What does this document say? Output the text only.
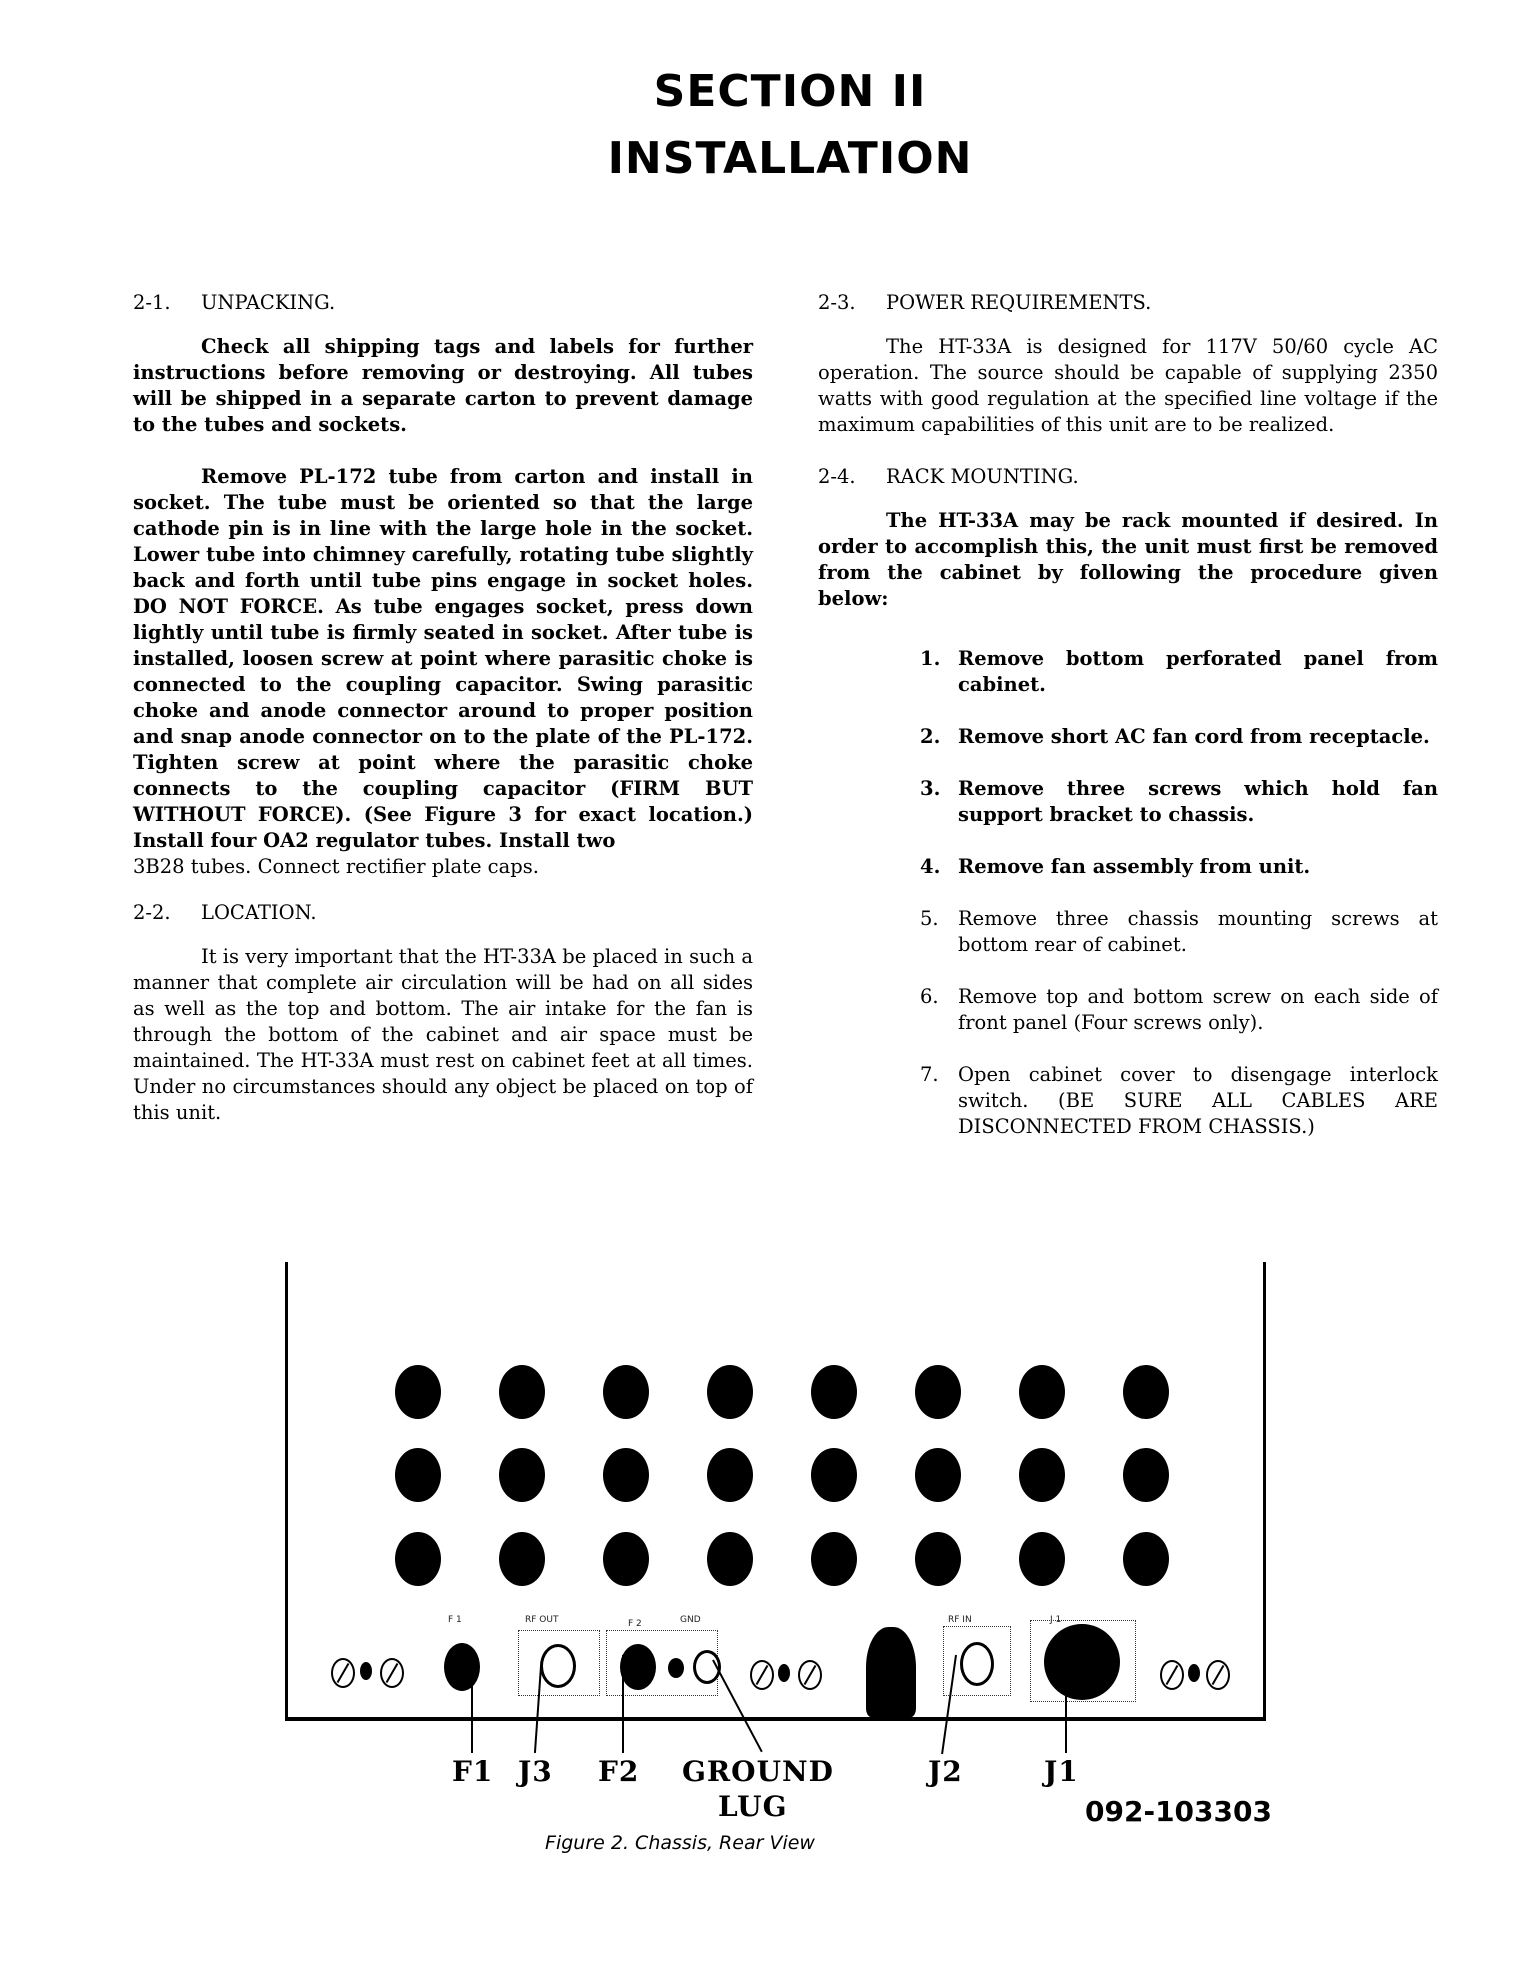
SECTION II
INSTALLATION
2-1. UNPACKING.

Check all shipping tags and labels for further instructions before removing or destroying. All tubes will be shipped in a separate carton to prevent damage to the tubes and sockets.

Remove PL-172 tube from carton and install in socket. The tube must be oriented so that the large cathode pin is in line with the large hole in the socket. Lower tube into chimney carefully, rotating tube slightly back and forth until tube pins engage in socket holes. DO NOT FORCE. As tube engages socket, press down lightly until tube is firmly seated in socket. After tube is installed, loosen screw at point where parasitic choke is connected to the coupling capacitor. Swing parasitic choke and anode connector around to proper position and snap anode connector on to the plate of the PL-172. Tighten screw at point where the parasitic choke connects to the coupling capacitor (FIRM BUT WITHOUT FORCE). (See Figure 3 for exact location.) Install four OA2 regulator tubes. Install two

3B28 tubes. Connect rectifier plate caps.

2-2. LOCATION.

It is very important that the HT-33A be placed in such a manner that complete air circulation will be had on all sides as well as the top and bottom. The air intake for the fan is through the bottom of the cabinet and air space must be maintained. The HT-33A must rest on cabinet feet at all times. Under no circumstances should any object be placed on top of this unit.

2-3. POWER REQUIREMENTS.

The HT-33A is designed for 117V 50/60 cycle AC operation. The source should be capable of supplying 2350 watts with good regulation at the specified line voltage if the maximum capabilities of this unit are to be realized.

2-4. RACK MOUNTING.

The HT-33A may be rack mounted if desired. In order to accomplish this, the unit must first be removed from the cabinet by following the procedure given below:

1. Remove bottom perforated panel from cabinet.
2. Remove short AC fan cord from receptacle.
3. Remove three screws which hold fan support bracket to chassis.
4. Remove fan assembly from unit.
5. Remove three chassis mounting screws at bottom rear of cabinet.
6. Remove top and bottom screw on each side of front panel (Four screws only).
7. Open cabinet cover to disengage interlock switch. (BE SURE ALL CABLES ARE DISCONNECTED FROM CHASSIS.)
F 1	RF OUT	F 2	GND	RF IN	J 1
F1 J3 F2 GROUND
LUG
J2	J1
092-103303
Figure 2. Chassis, Rear View
